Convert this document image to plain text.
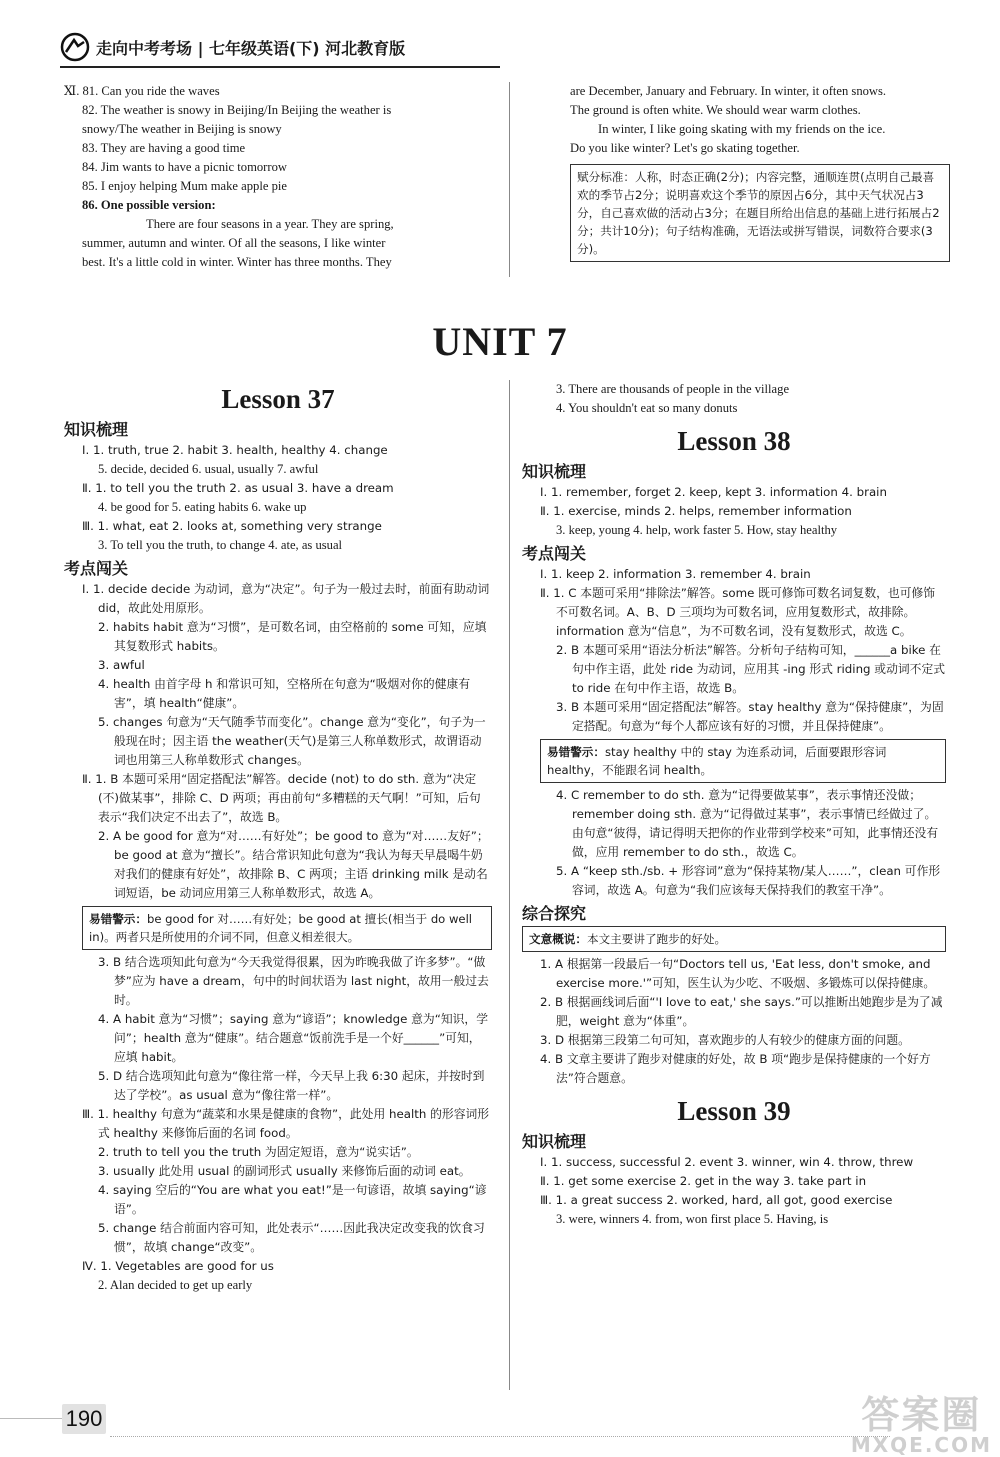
走向中考考场 | 七年级英语(下) 河北教育版

Ⅺ. 81. Can you ride the waves

82. The weather is snowy in Beijing/In Beijing the weather is

snowy/The weather in Beijing is snowy

83. They are having a good time

84. Jim wants to have a picnic tomorrow

85. I enjoy helping Mum make apple pie

86. One possible version:

There are four seasons in a year. They are spring,

summer, autumn and winter. Of all the seasons, I like winter

best. It's a little cold in winter. Winter has three months. They

are December, January and February. In winter, it often snows.

The ground is often white. We should wear warm clothes.

In winter, I like going skating with my friends on the ice.

Do you like winter? Let's go skating together.

赋分标准：人称，时态正确(2分)；内容完整，通顺连贯(点明自己最喜欢的季节占2分；说明喜欢这个季节的原因占6分，其中天气状况占3分，自己喜欢做的活动占3分；在题目所给出信息的基础上进行拓展占2分；共计10分)；句子结构准确，无语法或拼写错误，词数符合要求(3分)。
UNIT 7

Lesson 37

知识梳理

Ⅰ. 1. truth, true 2. habit 3. health, healthy 4. change

5. decide, decided 6. usual, usually 7. awful

Ⅱ. 1. to tell you the truth 2. as usual 3. have a dream

4. be good for 5. eating habits 6. wake up

Ⅲ. 1. what, eat 2. looks at, something very strange

3. To tell you the truth, to change 4. ate, as usual

考点闯关

Ⅰ. 1. decide decide 为动词，意为“决定”。句子为一般过去时，前面有助动词 did，故此处用原形。

2. habits habit 意为“习惯”，是可数名词，由空格前的 some 可知，应填其复数形式 habits。

3. awful

4. health 由首字母 h 和常识可知，空格所在句意为“吸烟对你的健康有害”，填 health“健康”。

5. changes 句意为“天气随季节而变化”。change 意为“变化”，句子为一般现在时；因主语 the weather(天气)是第三人称单数形式，故谓语动词也用第三人称单数形式 changes。

Ⅱ. 1. B 本题可采用“固定搭配法”解答。decide (not) to do sth. 意为“决定(不)做某事”，排除 C、D 两项；再由前句“多糟糕的天气啊！”可知，后句表示“我们决定不出去了”，故选 B。

2. A be good for 意为“对……有好处”；be good to 意为“对……友好”；be good at 意为“擅长”。结合常识知此句意为“我认为每天早晨喝牛奶对我们的健康有好处”，故排除 B、C 两项；主语 drinking milk 是动名词短语，be 动词应用第三人称单数形式，故选 A。

易错警示：be good for 对……有好处；be good at 擅长(相当于 do well in)。两者只是所使用的介词不同，但意义相差很大。

3. B 结合选项知此句意为“今天我觉得很累，因为昨晚我做了许多梦”。“做梦”应为 have a dream，句中的时间状语为 last night，故用一般过去时。

4. A habit 意为“习惯”；saying 意为“谚语”；knowledge 意为“知识，学问”；health 意为“健康”。结合题意“饭前洗手是一个好______”可知，应填 habit。

5. D 结合选项知此句意为“像往常一样，今天早上我 6:30 起床，并按时到达了学校”。as usual 意为“像往常一样”。

Ⅲ. 1. healthy 句意为“蔬菜和水果是健康的食物”，此处用 health 的形容词形式 healthy 来修饰后面的名词 food。

2. truth to tell you the truth 为固定短语，意为“说实话”。

3. usually 此处用 usual 的副词形式 usually 来修饰后面的动词 eat。

4. saying 空后的“You are what you eat!”是一句谚语，故填 saying“谚语”。

5. change 结合前面内容可知，此处表示“……因此我决定改变我的饮食习惯”，故填 change“改变”。

Ⅳ. 1. Vegetables are good for us

2. Alan decided to get up early

3. There are thousands of people in the village

4. You shouldn't eat so many donuts

Lesson 38

知识梳理

Ⅰ. 1. remember, forget 2. keep, kept 3. information 4. brain

Ⅱ. 1. exercise, minds 2. helps, remember information

3. keep, young 4. help, work faster 5. How, stay healthy

考点闯关

Ⅰ. 1. keep 2. information 3. remember 4. brain

Ⅱ. 1. C 本题可采用“排除法”解答。some 既可修饰可数名词复数，也可修饰不可数名词。A、B、D 三项均为可数名词，应用复数形式，故排除。information 意为“信息”，为不可数名词，没有复数形式，故选 C。

2. B 本题可采用“语法分析法”解答。分析句子结构可知，______a bike 在句中作主语，此处 ride 为动词，应用其 -ing 形式 riding 或动词不定式 to ride 在句中作主语，故选 B。

3. B 本题可采用“固定搭配法”解答。stay healthy 意为“保持健康”，为固定搭配。句意为“每个人都应该有好的习惯，并且保持健康”。

易错警示：stay healthy 中的 stay 为连系动词，后面要跟形容词 healthy，不能跟名词 health。

4. C remember to do sth. 意为“记得要做某事”，表示事情还没做；remember doing sth. 意为“记得做过某事”，表示事情已经做过了。由句意“彼得，请记得明天把你的作业带到学校来”可知，此事情还没有做，应用 remember to do sth.，故选 C。

5. A “keep sth./sb. + 形容词”意为“保持某物/某人……”，clean 可作形容词，故选 A。句意为“我们应该每天保持我们的教室干净”。

综合探究

文意概说：本文主要讲了跑步的好处。

1. A 根据第一段最后一句“Doctors tell us, 'Eat less, don't smoke, and exercise more.'”可知，医生认为少吃、不吸烟、多锻炼可以保持健康。

2. B 根据画线词后面“'I love to eat,' she says.”可以推断出她跑步是为了减肥，weight 意为“体重”。

3. D 根据第三段第二句可知，喜欢跑步的人有较少的健康方面的问题。

4. B 文章主要讲了跑步对健康的好处，故 B 项“跑步是保持健康的一个好方法”符合题意。

Lesson 39

知识梳理

Ⅰ. 1. success, successful 2. event 3. winner, win 4. throw, threw

Ⅱ. 1. get some exercise 2. get in the way 3. take part in

Ⅲ. 1. a great success 2. worked, hard, all got, good exercise

3. were, winners 4. from, won first place 5. Having, is

190	答案圈
MXQE.COM
